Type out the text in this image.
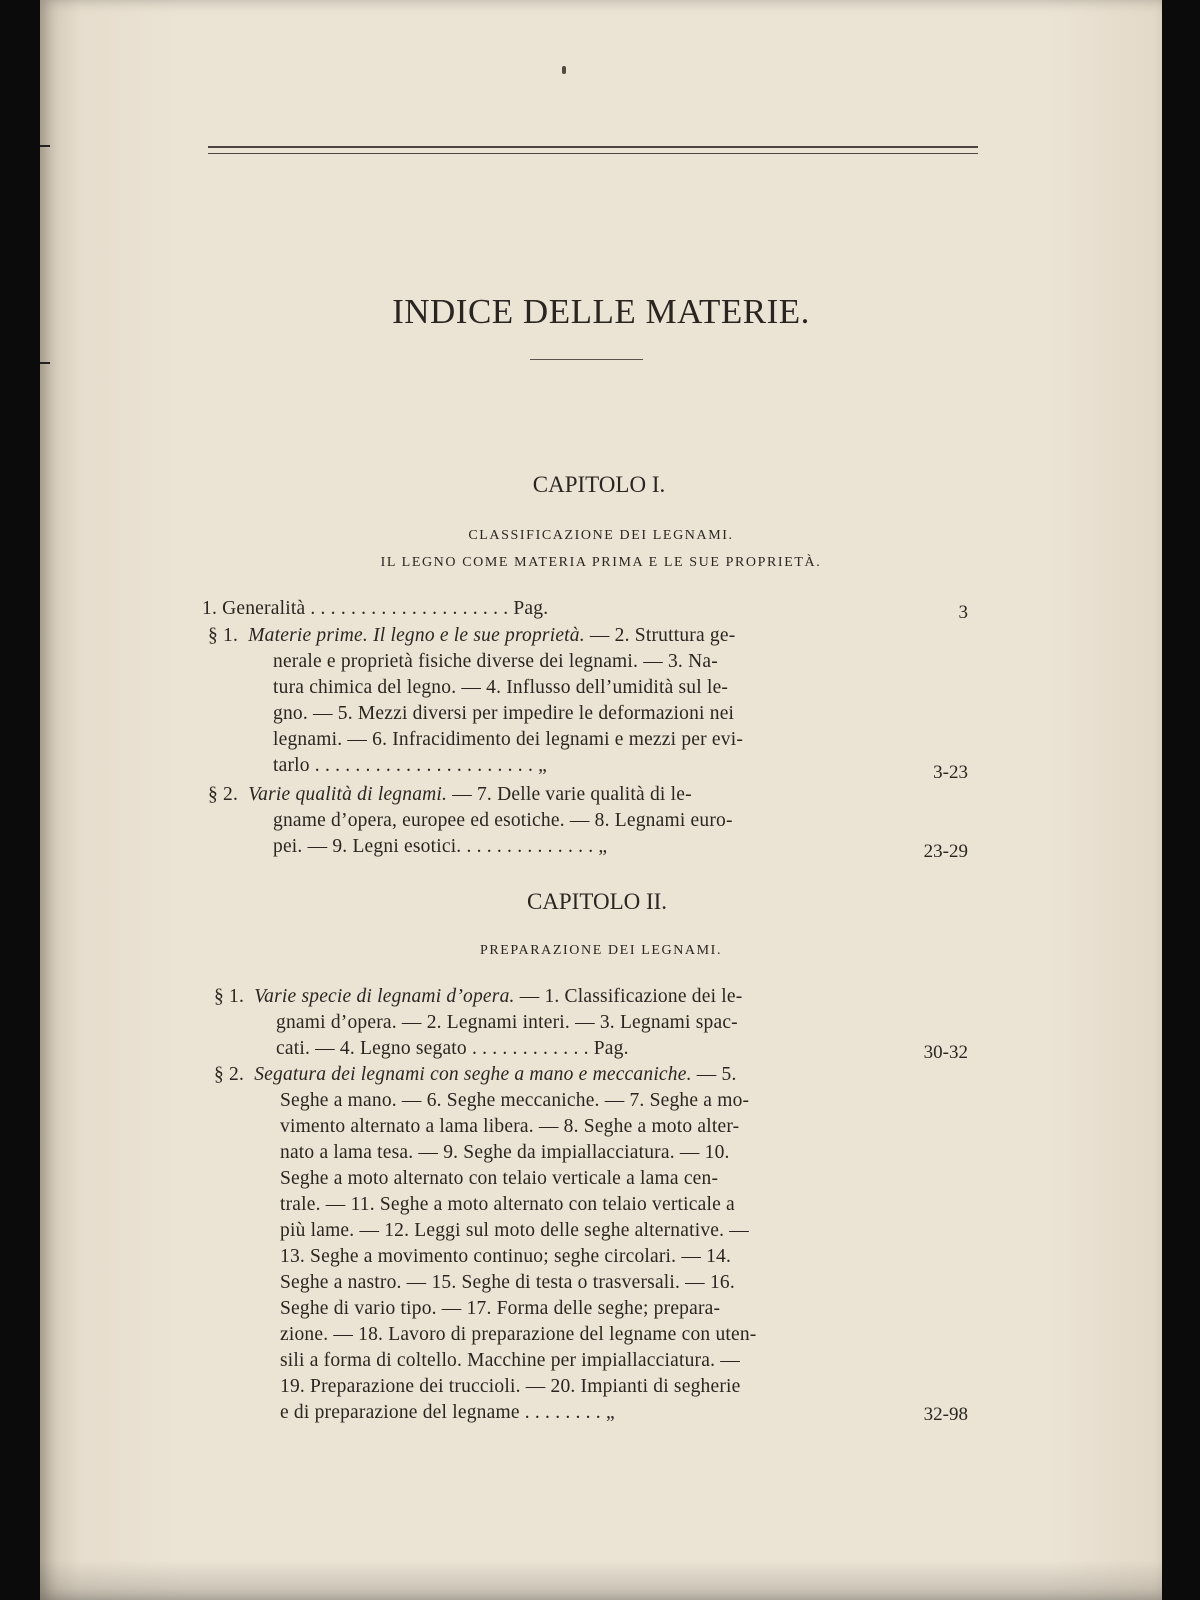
INDICE DELLE MATERIE.
CAPITOLO I.
CLASSIFICAZIONE DEI LEGNAMI.
IL LEGNO COME MATERIA PRIMA E LE SUE PROPRIETÀ.
1. Generalità . . . . . . . . . . . . . . . . . . . . Pag.	3
§ 1. Materie prime. Il legno e le sue proprietà. — 2. Struttura ge-
nerale e proprietà fisiche diverse dei legnami. — 3. Na-
tura chimica del legno. — 4. Influsso dell’umidità sul le-
gno. — 5. Mezzi diversi per impedire le deformazioni nei
legnami. — 6. Infracidimento dei legnami e mezzi per evi-
tarlo . . . . . . . . . . . . . . . . . . . . . . „	3-23
§ 2. Varie qualità di legnami. — 7. Delle varie qualità di le-
gname d’opera, europee ed esotiche. — 8. Legnami euro-
pei. — 9. Legni esotici. . . . . . . . . . . . . . „	23-29
CAPITOLO II.
PREPARAZIONE DEI LEGNAMI.
§ 1. Varie specie di legnami d’opera. — 1. Classificazione dei le-
gnami d’opera. — 2. Legnami interi. — 3. Legnami spac-
cati. — 4. Legno segato . . . . . . . . . . . . Pag.	30-32
§ 2. Segatura dei legnami con seghe a mano e meccaniche. — 5.
Seghe a mano. — 6. Seghe meccaniche. — 7. Seghe a mo-
vimento alternato a lama libera. — 8. Seghe a moto alter-
nato a lama tesa. — 9. Seghe da impiallacciatura. — 10.
Seghe a moto alternato con telaio verticale a lama cen-
trale. — 11. Seghe a moto alternato con telaio verticale a
più lame. — 12. Leggi sul moto delle seghe alternative. —
13. Seghe a movimento continuo; seghe circolari. — 14.
Seghe a nastro. — 15. Seghe di testa o trasversali. — 16.
Seghe di vario tipo. — 17. Forma delle seghe; prepara-
zione. — 18. Lavoro di preparazione del legname con uten-
sili a forma di coltello. Macchine per impiallacciatura. —
19. Preparazione dei truccioli. — 20. Impianti di segherie
e di preparazione del legname . . . . . . . . „	32-98
